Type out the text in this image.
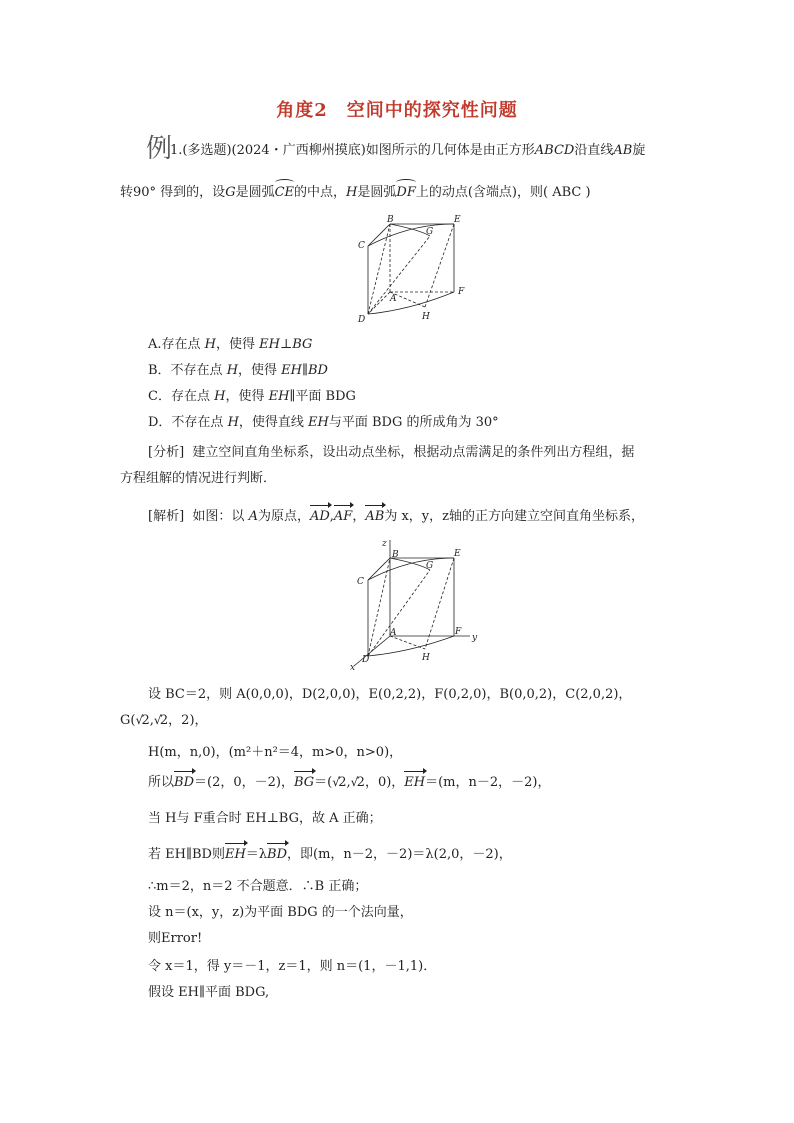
角度2　空间中的探究性问题
例
1.(多选题)(2024・广西柳州摸底)如图所示的几何体是由正方形ABCD沿直线AB旋
转90° 得到的，设G是圆弧CE的中点，H是圆弧DF上的动点(含端点)，则( ABC )
B	E
C
G
A
F
D	H
A.存在点 H，使得 EH⊥BG
B．不存在点 H，使得 EH∥BD
C．存在点 H，使得 EH∥平面 BDG
D．不存在点 H，使得直线 EH与平面 BDG 的所成角为 30°
[分析] 建立空间直角坐标系，设出动点坐标，根据动点需满足的条件列出方程组，据
方程组解的情况进行判断．
[解析] 如图：以 A为原点，AD,AF，AB为 x，y，z轴的正方向建立空间直角坐标系，
z
y
x
B	E
C
G
A	F
D	H
设 BC＝2，则 A(0,0,0)，D(2,0,0)，E(0,2,2)，F(0,2,0)，B(0,0,2)，C(2,0,2)，
G( √ 2, √ 2，2)，
H(m，n,0)，(m²＋n²＝4，m>0，n>0)，
所以BD＝(2，0，－2)，BG＝( √ 2, √ 2，0)，EH＝(m，n－2，－2)，
当 H与 F重合时 EH⊥BG，故 A 正确；
若 EH∥BD则EH＝λBD，即(m，n－2，－2)＝λ(2,0，－2)，
∴m＝2，n＝2 不合题意．∴B 正确；
设 n＝(x，y，z)为平面 BDG 的一个法向量，
则Error!
令 x＝1，得 y＝－1，z＝1，则 n＝(1，－1,1)．
假设 EH∥平面 BDG,
